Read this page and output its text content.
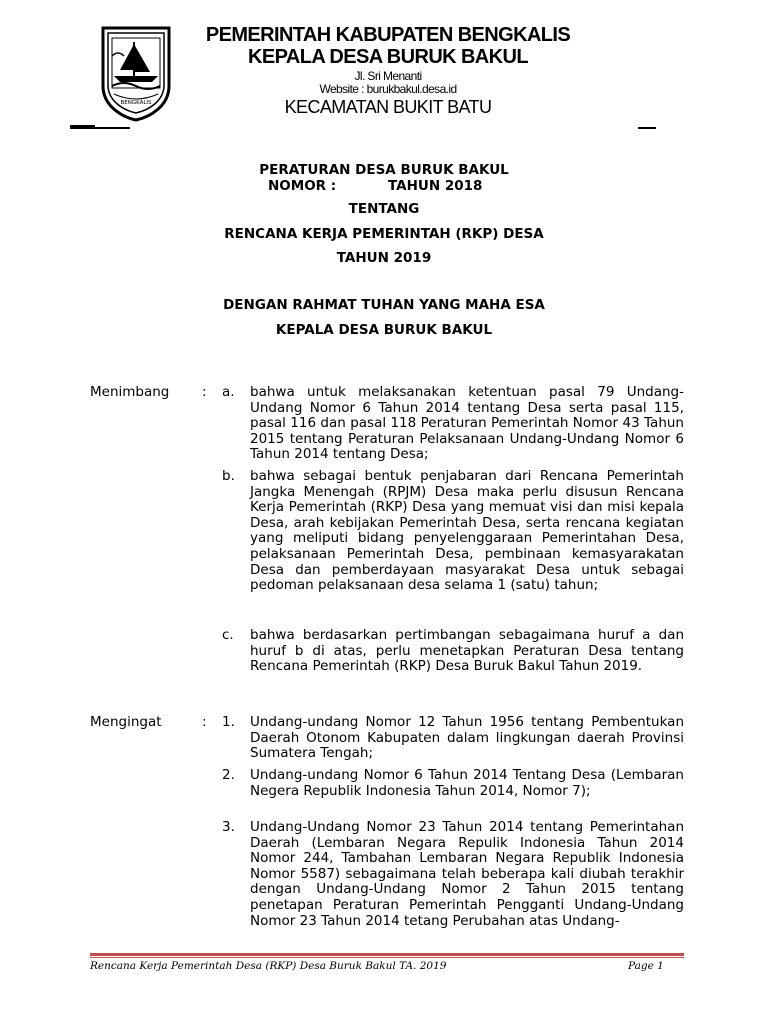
BENGKALIS
PEMERINTAH KABUPATEN BENGKALIS
KEPALA DESA BURUK BAKUL
Jl. Sri Menanti
Website : burukbakul.desa.id
KECAMATAN BUKIT BATU
PERATURAN DESA BURUK BAKUL
NOMOR :	TAHUN 2018
TENTANG
RENCANA KERJA PEMERINTAH (RKP) DESA
TAHUN 2019
DENGAN RAHMAT TUHAN YANG MAHA ESA
KEPALA DESA BURUK BAKUL
Menimbang : a.	bahwa untuk melaksanakan ketentuan pasal 79 Undang-Undang Nomor 6 Tahun 2014 tentang Desa serta pasal 115, pasal 116 dan pasal 118 Peraturan Pemerintah Nomor 43 Tahun 2015 tentang Peraturan Pelaksanaan Undang-Undang Nomor 6 Tahun 2014 tentang Desa;
b.	bahwa sebagai bentuk penjabaran dari Rencana Pemerintah Jangka Menengah (RPJM) Desa maka perlu disusun Rencana Kerja Pemerintah (RKP) Desa yang memuat visi dan misi kepala Desa, arah kebijakan Pemerintah Desa, serta rencana kegiatan yang meliputi bidang penyelenggaraan Pemerintahan Desa, pelaksanaan Pemerintah Desa, pembinaan kemasyarakatan Desa dan pemberdayaan masyarakat Desa untuk sebagai pedoman pelaksanaan desa selama 1 (satu) tahun;
c.	bahwa berdasarkan pertimbangan sebagaimana huruf a dan huruf b di atas, perlu menetapkan Peraturan Desa tentang Rencana Pemerintah (RKP) Desa Buruk Bakul Tahun 2019.
Mengingat	: 1.	Undang-undang Nomor 12 Tahun 1956 tentang Pembentukan Daerah Otonom Kabupaten dalam lingkungan daerah Provinsi Sumatera Tengah;
2.	Undang-undang Nomor 6 Tahun 2014 Tentang Desa (Lembaran Negera Republik Indonesia Tahun 2014, Nomor 7);
3.	Undang-Undang Nomor 23 Tahun 2014 tentang Pemerintahan Daerah (Lembaran Negara Repulik Indonesia Tahun 2014 Nomor 244, Tambahan Lembaran Negara Republik Indonesia Nomor 5587) sebagaimana telah beberapa kali diubah terakhir dengan Undang-Undang Nomor 2 Tahun 2015 tentang penetapan Peraturan Pemerintah Pengganti Undang-Undang Nomor 23 Tahun 2014 tetang Perubahan atas Undang-
Rencana Kerja Pemerintah Desa (RKP) Desa Buruk Bakul TA. 2019	Page 1
